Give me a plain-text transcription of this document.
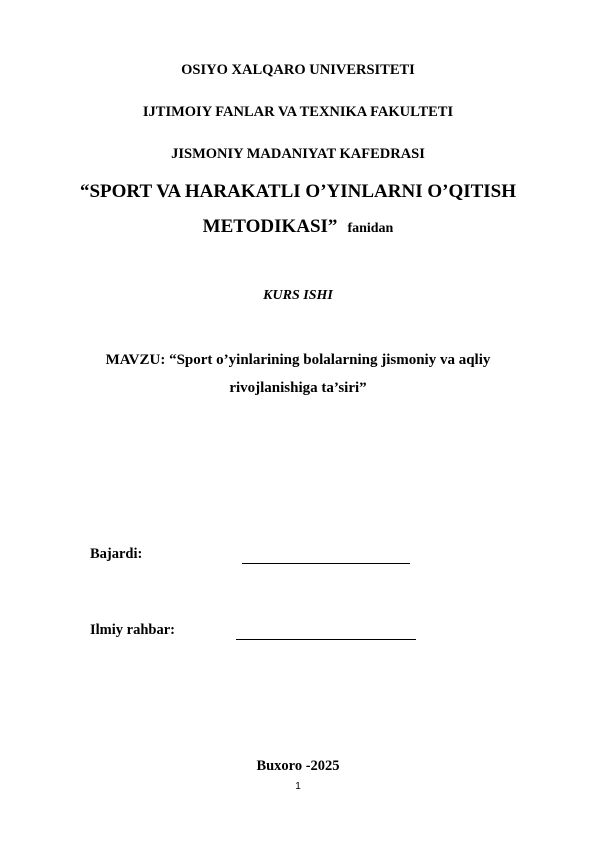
OSIYO XALQARO UNIVERSITETI
IJTIMOIY FANLAR VA TEXNIKA FAKULTETI
JISMONIY MADANIYAT KAFEDRASI
“SPORT VA HARAKATLI O’YINLARNI O’QITISH
METODIKASI” fanidan
KURS ISHI
MAVZU: “Sport o’yinlarining bolalarning jismoniy va aqliy
rivojlanishiga ta’siri”
Bajardi:
Ilmiy rahbar:
Buxoro -2025
1
